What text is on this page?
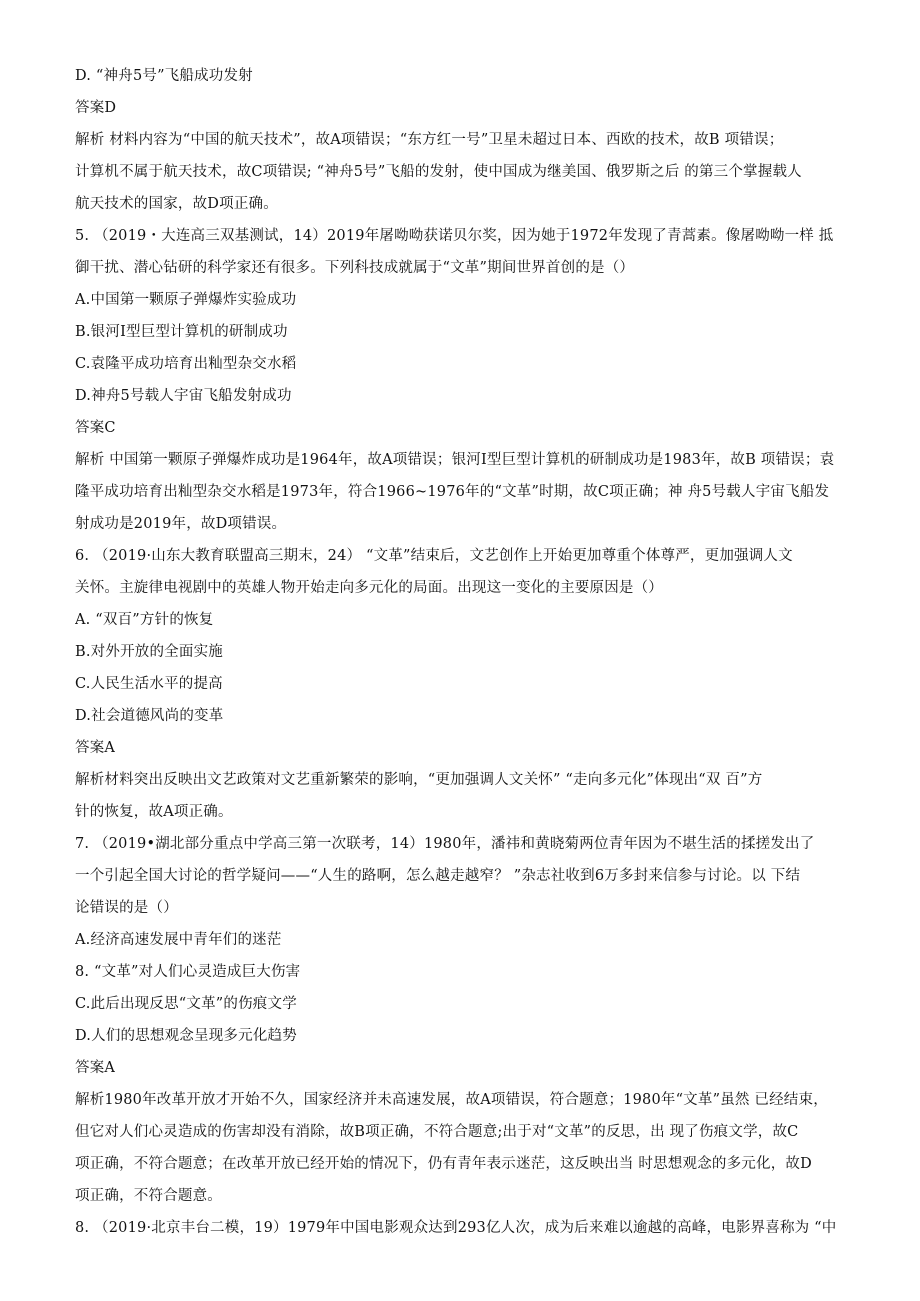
D. “神舟5号”飞船成功发射
答案D
解析 材料内容为“中国的航天技术”，故A项错误；“东方红一号”卫星未超过日本、西欧的技术，故B 项错误；
计算机不属于航天技术，故C项错误; “神舟5号”飞船的发射，使中国成为继美国、俄罗斯之后 的第三个掌握载人
航天技术的国家，故D项正确。
5. （2019・大连高三双基测试，14）2019年屠呦呦获诺贝尔奖，因为她于1972年发现了青蒿素。像屠呦呦一样 抵
御干扰、潜心钻研的科学家还有很多。下列科技成就属于“文革”期间世界首创的是（）
A.中国第一颗原子弹爆炸实验成功
B.银河I型巨型计算机的研制成功
C.袁隆平成功培育出籼型杂交水稻
D.神舟5号载人宇宙飞船发射成功
答案C
解析 中国第一颗原子弹爆炸成功是1964年，故A项错误；银河I型巨型计算机的研制成功是1983年，故B 项错误；袁
隆平成功培育出籼型杂交水稻是1973年，符合1966~1976年的“文革”时期，故C项正确；神 舟5号载人宇宙飞船发
射成功是2019年，故D项错误。
6. （2019·山东大教育联盟高三期末，24） “文革”结束后，文艺创作上开始更加尊重个体尊严，更加强调人文
关怀。主旋律电视剧中的英雄人物开始走向多元化的局面。出现这一变化的主要原因是（）
A. “双百”方针的恢复
B.对外开放的全面实施
C.人民生活水平的提高
D.社会道德风尚的变革
答案A
解析材料突出反映出文艺政策对文艺重新繁荣的影响，“更加强调人文关怀” “走向多元化”体现出“双 百”方
针的恢复，故A项正确。
7. （2019•湖北部分重点中学高三第一次联考，14）1980年，潘祎和黄晓菊两位青年因为不堪生活的揉搓发出了
一个引起全国大讨论的哲学疑问——“人生的路啊，怎么越走越窄？ ”杂志社收到6万多封来信参与讨论。以 下结
论错误的是（）
A.经济高速发展中青年们的迷茫
8. “文革”对人们心灵造成巨大伤害
C.此后出现反思“文革”的伤痕文学
D.人们的思想观念呈现多元化趋势
答案A
解析1980年改革开放才开始不久，国家经济并未高速发展，故A项错误，符合题意；1980年“文革”虽然 已经结束，
但它对人们心灵造成的伤害却没有消除，故B项正确，不符合题意;出于对“文革”的反思，出 现了伤痕文学，故C
项正确，不符合题意；在改革开放已经开始的情况下，仍有青年表示迷茫，这反映出当 时思想观念的多元化，故D
项正确，不符合题意。
8. （2019·北京丰台二模，19）1979年中国电影观众达到293亿人次，成为后来难以逾越的高峰，电影界喜称为 “中
